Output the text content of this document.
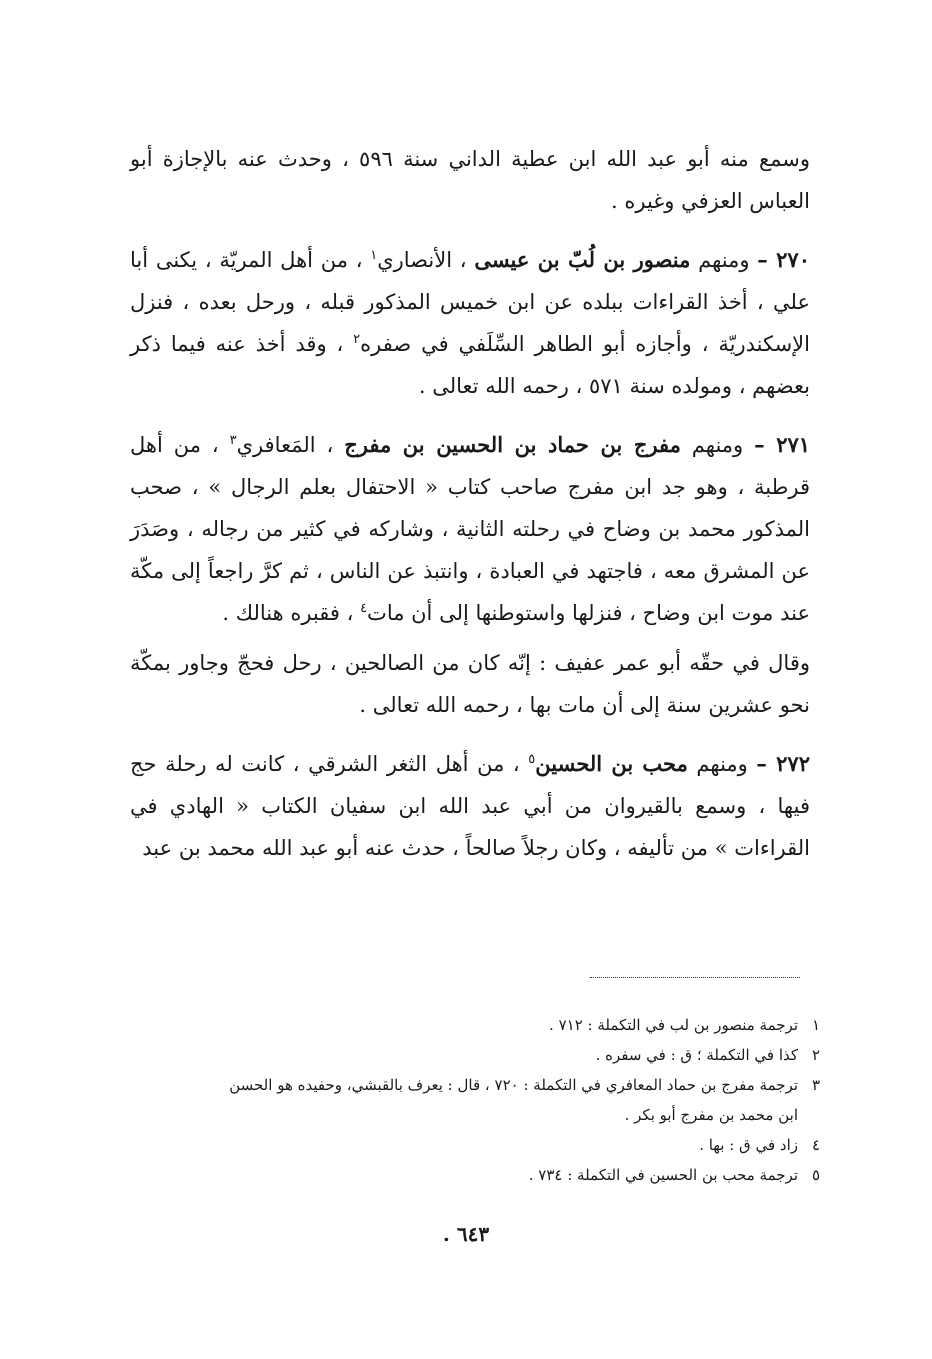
وسمع منه أبو عبد الله ابن عطية الداني سنة ٥٩٦ ، وحدث عنه بالإجازة أبو العباس العزفي وغيره .

٢٧٠ – ومنهم منصور بن لُبّ بن عيسى ، الأنصاري$^١$ ، من أهل المريّة ، يكنى أبا علي ، أخذ القراءات ببلده عن ابن خميس المذكور قبله ، ورحل بعده ، فنزل الإسكندريّة ، وأجازه أبو الطاهر السِّلَفي في صفره$^٢$ ، وقد أخذ عنه فيما ذكر بعضهم ، ومولده سنة ٥٧١ ، رحمه الله تعالى .

٢٧١ – ومنهم مفرج بن حماد بن الحسين بن مفرج ، المَعافري$^٣$ ، من أهل قرطبة ، وهو جد ابن مفرج صاحب كتاب « الاحتفال بعلم الرجال » ، صحب المذكور محمد بن وضاح في رحلته الثانية ، وشاركه في كثير من رجاله ، وصَدَرَ عن المشرق معه ، فاجتهد في العبادة ، وانتبذ عن الناس ، ثم كرَّ راجعاً إلى مكّة عند موت ابن وضاح ، فنزلها واستوطنها إلى أن مات$^٤$ ، فقبره هنالك .

وقال في حقّه أبو عمر عفيف : إنّه كان من الصالحين ، رحل فحجّ وجاور بمكّة نحو عشرين سنة إلى أن مات بها ، رحمه الله تعالى .

٢٧٢ – ومنهم محب بن الحسين$^٥$ ، من أهل الثغر الشرقي ، كانت له رحلة حج فيها ، وسمع بالقيروان من أبي عبد الله ابن سفيان الكتاب « الهادي في القراءات » من تأليفه ، وكان رجلاً صالحاً ، حدث عنه أبو عبد الله محمد بن عبد

١
ترجمة منصور بن لب في التكملة : ٧١٢ .
٢
كذا في التكملة ؛ ق : في سفره .
٣
ترجمة مفرج بن حماد المعافري في التكملة : ٧٢٠ ، قال : يعرف بالقبشي، وحفيده هو الحسن
ابن محمد بن مفرج أبو بكر .
٤
زاد في ق : بها .
٥
ترجمة محب بن الحسين في التكملة : ٧٣٤ .
٦٤٣ .
